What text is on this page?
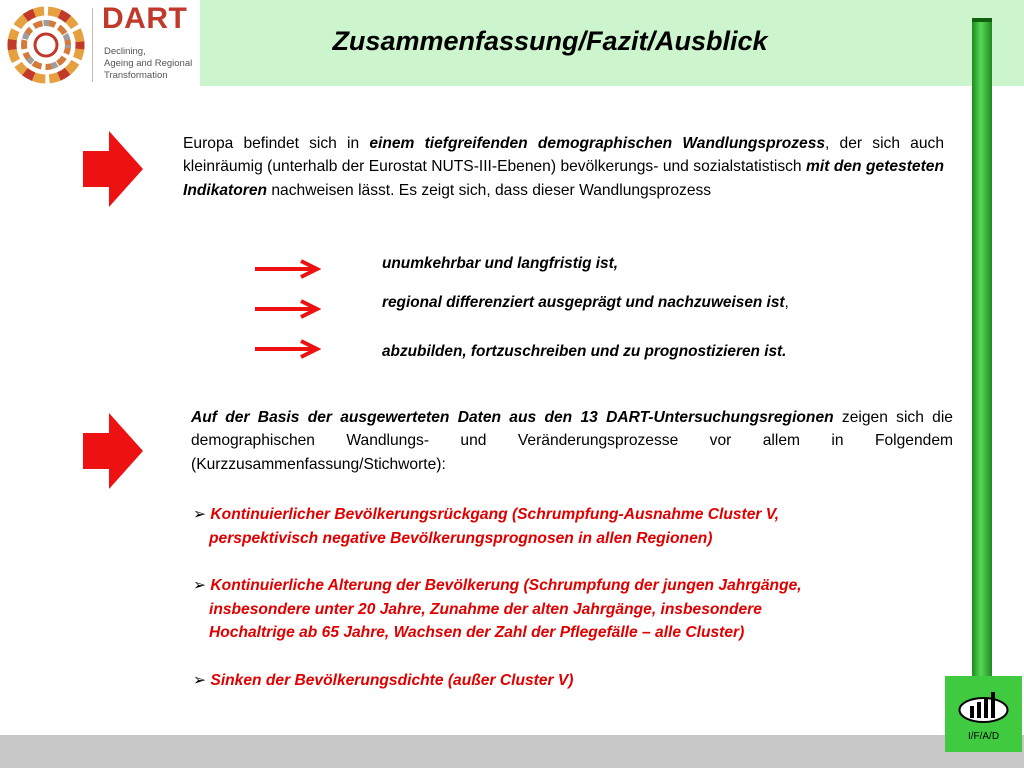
DART
Declining,
Ageing and Regional
Transformation
Zusammenfassung/Fazit/Ausblick
Europa befindet sich in einem tiefgreifenden demographischen Wandlungsprozess, der sich auch kleinräumig (unterhalb der Eurostat NUTS-III-Ebenen) bevölkerungs- und sozialstatistisch mit den getesteten Indikatoren nachweisen lässt. Es zeigt sich, dass dieser Wandlungsprozess
unumkehrbar und langfristig ist,
regional differenziert ausgeprägt und nachzuweisen ist,
abzubilden, fortzuschreiben und zu prognostizieren ist.
Auf der Basis der ausgewerteten Daten aus den 13 DART-Untersuchungsregionen zeigen sich die demographischen Wandlungs- und Veränderungsprozesse vor allem in Folgendem (Kurzzusammenfassung/Stichworte):
➢ Kontinuierlicher Bevölkerungsrückgang (Schrumpfung-Ausnahme Cluster V,
perspektivisch negative Bevölkerungsprognosen in allen Regionen)
➢ Kontinuierliche Alterung der Bevölkerung (Schrumpfung der jungen Jahrgänge,
insbesondere unter 20 Jahre, Zunahme der alten Jahrgänge, insbesondere
Hochaltrige ab 65 Jahre, Wachsen der Zahl der Pflegefälle – alle Cluster)
➢ Sinken der Bevölkerungsdichte (außer Cluster V)
I/F/A/D
